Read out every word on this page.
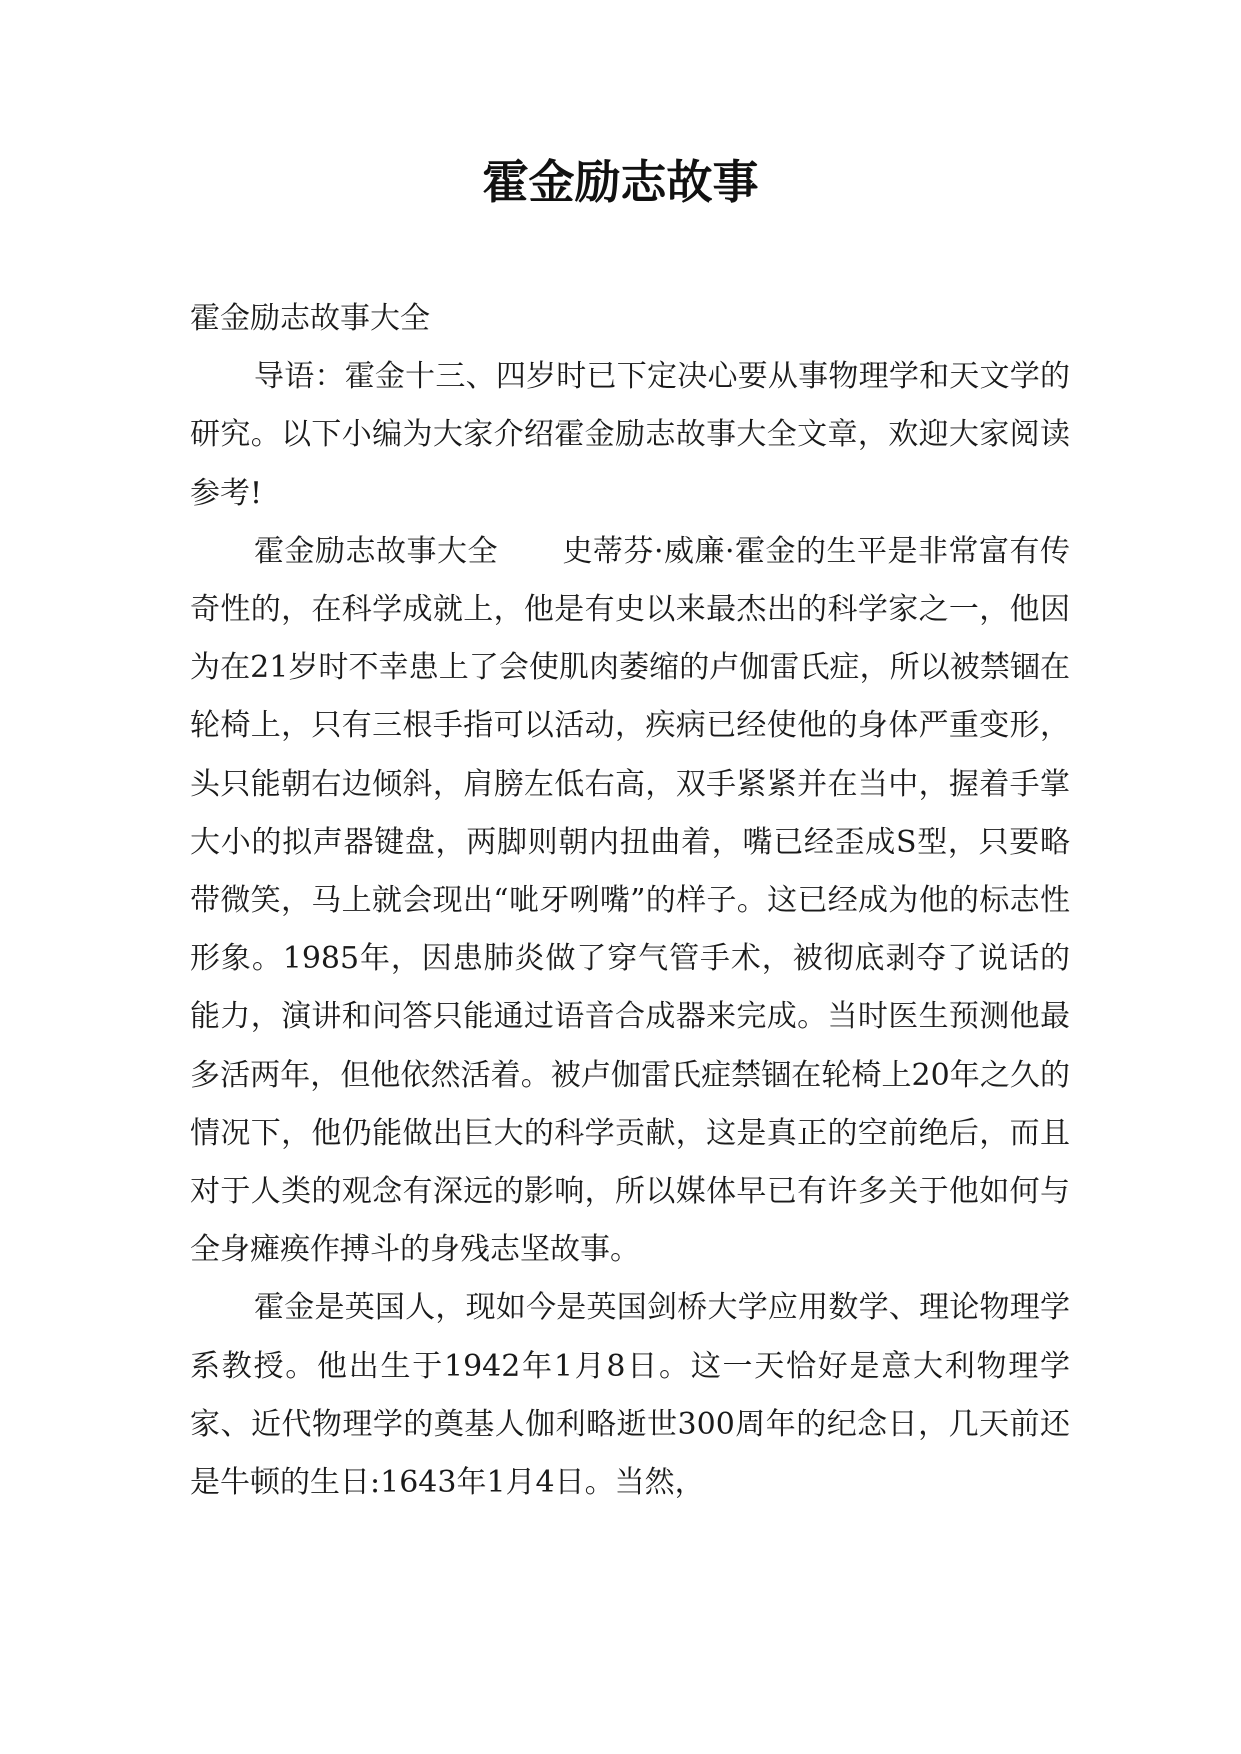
霍金励志故事

霍金励志故事大全

导语：霍金十三、四岁时已下定决心要从事物理学和天文学的研究。以下小编为大家介绍霍金励志故事大全文章，欢迎大家阅读参考!

霍金励志故事大全 史蒂芬·威廉·霍金的生平是非常富有传奇性的，在科学成就上，他是有史以来最杰出的科学家之一，他因为在21岁时不幸患上了会使肌肉萎缩的卢伽雷氏症，所以被禁锢在轮椅上，只有三根手指可以活动，疾病已经使他的身体严重变形，头只能朝右边倾斜，肩膀左低右高，双手紧紧并在当中，握着手掌大小的拟声器键盘，两脚则朝内扭曲着，嘴已经歪成S型，只要略带微笑，马上就会现出“呲牙咧嘴”的样子。这已经成为他的标志性形象。1985年，因患肺炎做了穿气管手术，被彻底剥夺了说话的能力，演讲和问答只能通过语音合成器来完成。当时医生预测他最多活两年，但他依然活着。被卢伽雷氏症禁锢在轮椅上20年之久的情况下，他仍能做出巨大的科学贡献，这是真正的空前绝后，而且对于人类的观念有深远的影响，所以媒体早已有许多关于他如何与全身瘫痪作搏斗的身残志坚故事。

霍金是英国人，现如今是英国剑桥大学应用数学、理论物理学系教授。他出生于1942年1月8日。这一天恰好是意大利物理学家、近代物理学的奠基人伽利略逝世300周年的纪念日，几天前还是牛顿的生日:1643年1月4日。当然，
